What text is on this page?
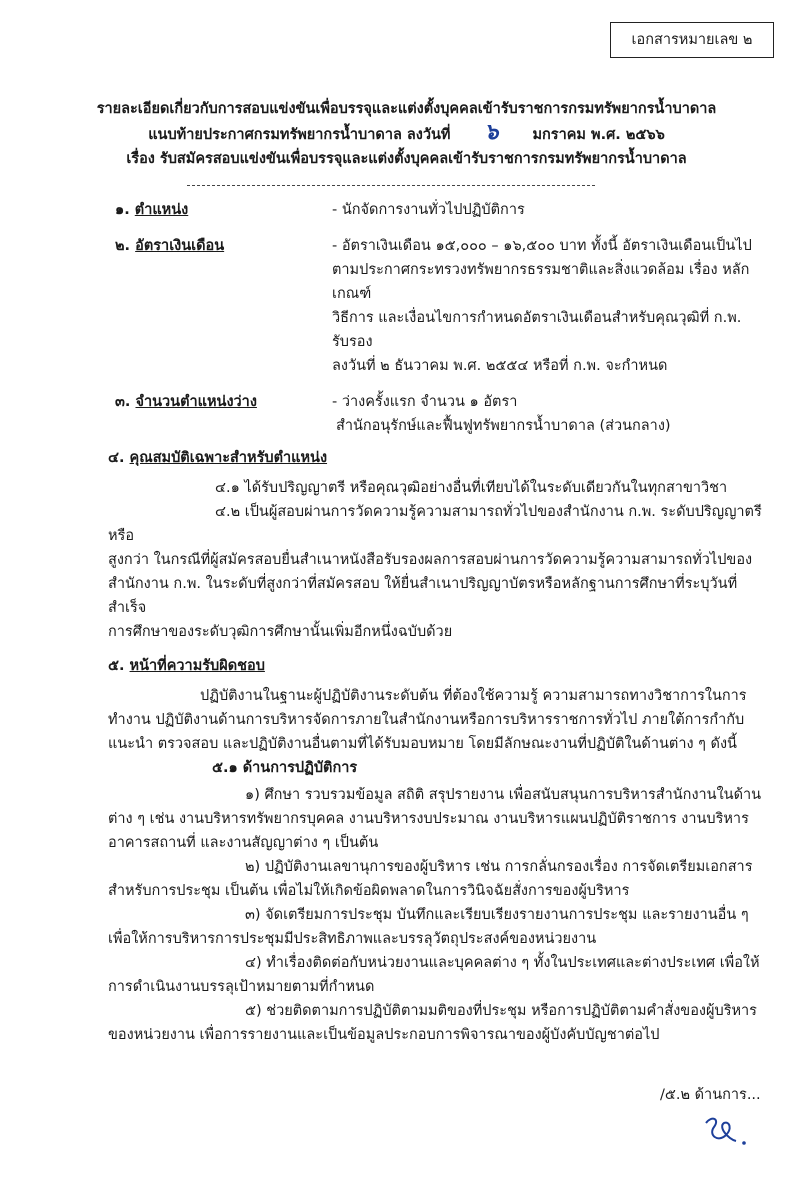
เอกสารหมายเลข ๒
รายละเอียดเกี่ยวกับการสอบแข่งขันเพื่อบรรจุและแต่งตั้งบุคคลเข้ารับราชการกรมทรัพยากรน้ำบาดาล
แนบท้ายประกาศกรมทรัพยากรน้ำบาดาล ลงวันที่ ๖ มกราคม พ.ศ. ๒๕๖๖
เรื่อง รับสมัครสอบแข่งขันเพื่อบรรจุและแต่งตั้งบุคคลเข้ารับราชการกรมทรัพยากรน้ำบาดาล
๑. ตำแหน่ง	- นักจัดการงานทั่วไปปฏิบัติการ
๒. อัตราเงินเดือน	- อัตราเงินเดือน ๑๕,๐๐๐ – ๑๖,๕๐๐ บาท ทั้งนี้ อัตราเงินเดือนเป็นไป
ตามประกาศกระทรวงทรัพยากรธรรมชาติและสิ่งแวดล้อม เรื่อง หลักเกณฑ์
วิธีการ และเงื่อนไขการกำหนดอัตราเงินเดือนสำหรับคุณวุฒิที่ ก.พ. รับรอง
ลงวันที่ ๒ ธันวาคม พ.ศ. ๒๕๕๔ หรือที่ ก.พ. จะกำหนด
๓. จำนวนตำแหน่งว่าง	- ว่างครั้งแรก จำนวน ๑ อัตรา
สำนักอนุรักษ์และฟื้นฟูทรัพยากรน้ำบาดาล (ส่วนกลาง)
๔. คุณสมบัติเฉพาะสำหรับตำแหน่ง
๔.๑ ได้รับปริญญาตรี หรือคุณวุฒิอย่างอื่นที่เทียบได้ในระดับเดียวกันในทุกสาขาวิชา
๔.๒ เป็นผู้สอบผ่านการวัดความรู้ความสามารถทั่วไปของสำนักงาน ก.พ. ระดับปริญญาตรีหรือ
สูงกว่า ในกรณีที่ผู้สมัครสอบยื่นสำเนาหนังสือรับรองผลการสอบผ่านการวัดความรู้ความสามารถทั่วไปของ
สำนักงาน ก.พ. ในระดับที่สูงกว่าที่สมัครสอบ ให้ยื่นสำเนาปริญญาบัตรหรือหลักฐานการศึกษาที่ระบุวันที่สำเร็จ
การศึกษาของระดับวุฒิการศึกษานั้นเพิ่มอีกหนึ่งฉบับด้วย
๕. หน้าที่ความรับผิดชอบ
ปฏิบัติงานในฐานะผู้ปฏิบัติงานระดับต้น ที่ต้องใช้ความรู้ ความสามารถทางวิชาการในการ
ทำงาน ปฏิบัติงานด้านการบริหารจัดการภายในสำนักงานหรือการบริหารราชการทั่วไป ภายใต้การกำกับ
แนะนำ ตรวจสอบ และปฏิบัติงานอื่นตามที่ได้รับมอบหมาย โดยมีลักษณะงานที่ปฏิบัติในด้านต่าง ๆ ดังนี้
๕.๑ ด้านการปฏิบัติการ
๑) ศึกษา รวบรวมข้อมูล สถิติ สรุปรายงาน เพื่อสนับสนุนการบริหารสำนักงานในด้าน
ต่าง ๆ เช่น งานบริหารทรัพยากรบุคคล งานบริหารงบประมาณ งานบริหารแผนปฏิบัติราชการ งานบริหาร
อาคารสถานที่ และงานสัญญาต่าง ๆ เป็นต้น
๒) ปฏิบัติงานเลขานุการของผู้บริหาร เช่น การกลั่นกรองเรื่อง การจัดเตรียมเอกสาร
สำหรับการประชุม เป็นต้น เพื่อไม่ให้เกิดข้อผิดพลาดในการวินิจฉัยสั่งการของผู้บริหาร
๓) จัดเตรียมการประชุม บันทึกและเรียบเรียงรายงานการประชุม และรายงานอื่น ๆ
เพื่อให้การบริหารการประชุมมีประสิทธิภาพและบรรลุวัตถุประสงค์ของหน่วยงาน
๔) ทำเรื่องติดต่อกับหน่วยงานและบุคคลต่าง ๆ ทั้งในประเทศและต่างประเทศ เพื่อให้
การดำเนินงานบรรลุเป้าหมายตามที่กำหนด
๕) ช่วยติดตามการปฏิบัติตามมติของที่ประชุม หรือการปฏิบัติตามคำสั่งของผู้บริหาร
ของหน่วยงาน เพื่อการรายงานและเป็นข้อมูลประกอบการพิจารณาของผู้บังคับบัญชาต่อไป
/๕.๒ ด้านการ...
